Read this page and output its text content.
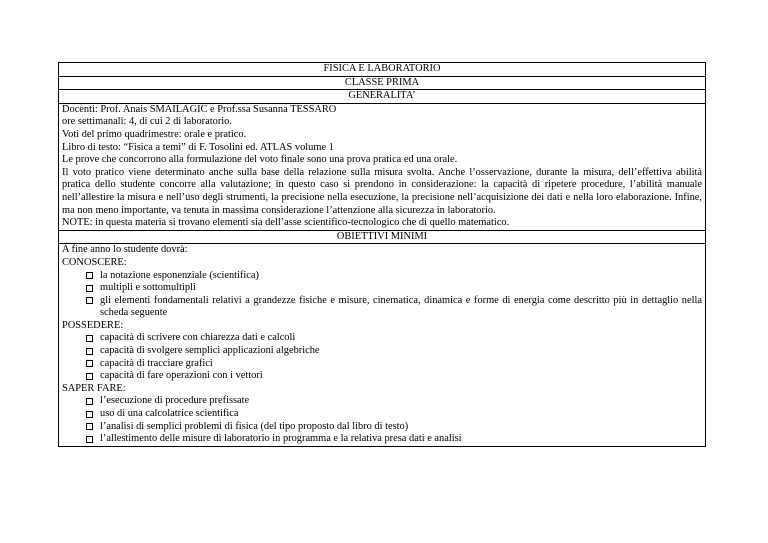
FISICA E LABORATORIO
CLASSE PRIMA
GENERALITA’
Docenti: Prof. Anais SMAILAGIC e Prof.ssa Susanna TESSARO
ore settimanali: 4, di cui 2 di laboratorio.
Voti del primo quadrimestre: orale e pratico.
Libro di testo: “Fisica a temi” di F. Tosolini ed. ATLAS volume 1
Le prove che concorrono alla formulazione del voto finale sono una prova pratica ed una orale.
Il voto pratico viene determinato anche sulla base della relazione sulla misura svolta. Anche l’osservazione, durante la misura, dell’effettiva abilità pratica dello studente concorre alla valutazione; in questo caso si prendono in considerazione: la capacità di ripetere procedure, l’abilità manuale nell’allestire la misura e nell’uso degli strumenti, la precisione nella esecuzione, la precisione nell’acquisizione dei dati e nella loro elaborazione. Infine, ma non meno importante, va tenuta in massima considerazione l’attenzione alla sicurezza in laboratorio.
NOTE: in questa materia si trovano elementi sia dell’asse scientifico-tecnologico che di quello matematico.
OBIETTIVI MINIMI
A fine anno lo studente dovrà:
CONOSCERE:
la notazione esponenziale (scientifica)
multipli e sottomultipli
gli elementi fondamentali relativi a grandezze fisiche e misure, cinematica, dinamica e forme di energia come descritto più in dettaglio nella scheda seguente
POSSEDERE:
capacità di scrivere con chiarezza dati e calcoli
capacità di svolgere semplici applicazioni algebriche
capacità di tracciare grafici
capacità di fare operazioni con i vettori
SAPER FARE:
l’esecuzione di procedure prefissate
uso di una calcolatrice scientifica
l’analisi di semplici problemi di fisica (del tipo proposto dal libro di testo)
l’allestimento delle misure di laboratorio in programma e la relativa presa dati e analisi
